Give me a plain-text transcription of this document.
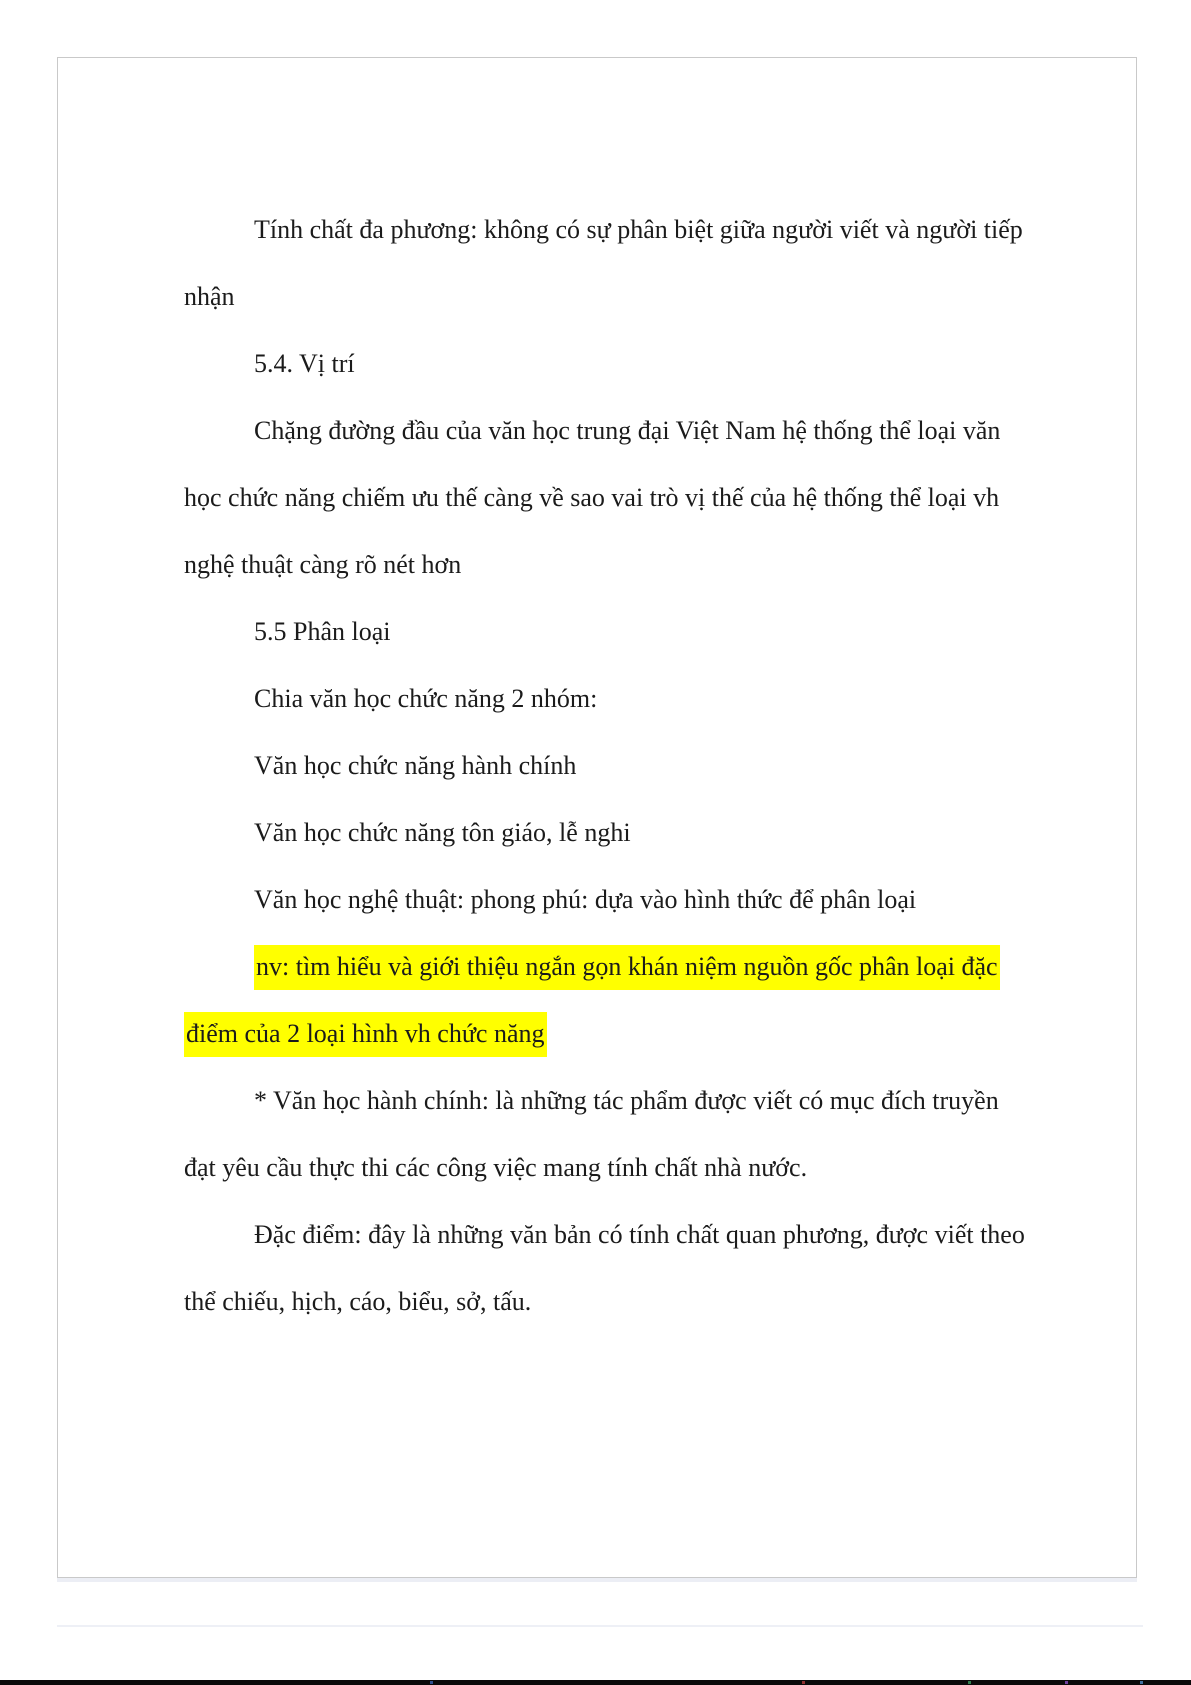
Tính chất đa phương: không có sự phân biệt giữa người viết và người tiếp
nhận
5.4. Vị trí
Chặng đường đầu của văn học trung đại Việt Nam hệ thống thể loại văn
học chức năng chiếm ưu thế càng về sao vai trò vị thế của hệ thống thể loại vh
nghệ thuật càng rõ nét hơn
5.5 Phân loại
Chia văn học chức năng 2 nhóm:
Văn học chức năng hành chính
Văn học chức năng tôn giáo, lễ nghi
Văn học nghệ thuật: phong phú: dựa vào hình thức để phân loại
nv: tìm hiểu và giới thiệu ngắn gọn khán niệm nguồn gốc phân loại đặc
điểm của 2 loại hình vh chức năng
* Văn học hành chính: là những tác phẩm được viết có mục đích truyền
đạt yêu cầu thực thi các công việc mang tính chất nhà nước.
Đặc điểm: đây là những văn bản có tính chất quan phương, được viết theo
thể chiếu, hịch, cáo, biểu, sở, tấu.
